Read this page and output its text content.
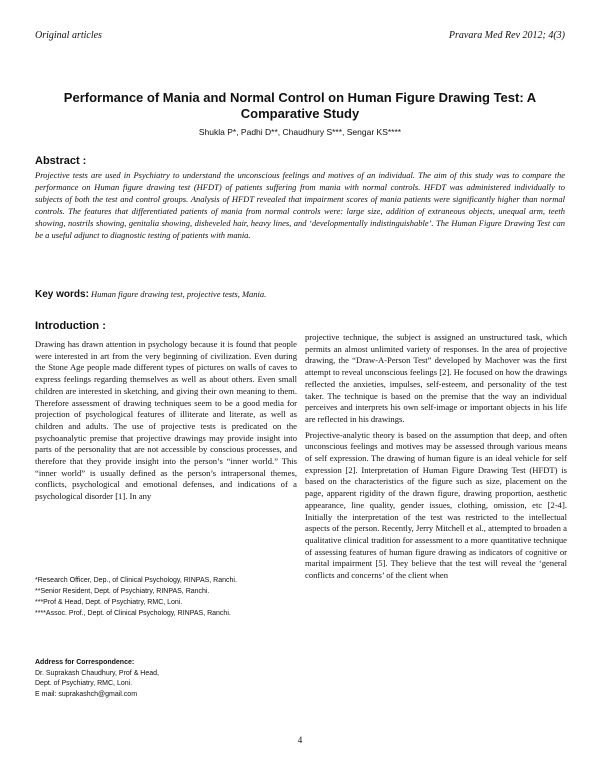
Original articles	Pravara Med Rev 2012; 4(3)
Performance of Mania and Normal Control on Human Figure Drawing Test: A Comparative Study
Shukla P*, Padhi D**, Chaudhury S***, Sengar KS****
Abstract :

Projective tests are used in Psychiatry to understand the unconscious feelings and motives of an individual. The aim of this study was to compare the performance on Human figure drawing test (HFDT) of patients suffering from mania with normal controls. HFDT was administered individually to subjects of both the test and control groups. Analysis of HFDT revealed that impairment scores of mania patients were significantly higher than normal controls. The features that differentiated patients of mania from normal controls were: large size, addition of extraneous objects, unequal arm, teeth showing, nostrils showing, genitalia showing, disheveled hair, heavy lines, and ‘developmentally indistinguishable’. The Human Figure Drawing Test can be a useful adjunct to diagnostic testing of patients with mania.

Key words: Human figure drawing test, projective tests, Mania.

Introduction :

Drawing has drawn attention in psychology because it is found that people were interested in art from the very beginning of civilization. Even during the Stone Age people made different types of pictures on walls of caves to express feelings regarding themselves as well as about others. Even small children are interested in sketching, and giving their own meaning to them. Therefore assessment of drawing techniques seem to be a good media for projection of psychological features of illiterate and literate, as well as children and adults. The use of projective tests is predicated on the psychoanalytic premise that projective drawings may provide insight into parts of the personality that are not accessible by conscious processes, and therefore that they provide insight into the person’s “inner world.” This “inner world” is usually defined as the person’s intrapersonal themes, conflicts, psychological and emotional defenses, and indications of a psychological disorder [1]. In any

projective technique, the subject is assigned an unstructured task, which permits an almost unlimited variety of responses. In the area of projective drawing, the “Draw-A-Person Test” developed by Machover was the first attempt to reveal unconscious feelings [2]. He focused on how the drawings reflected the anxieties, impulses, self-esteem, and personality of the test taker. The technique is based on the premise that the way an individual perceives and interprets his own self-image or important objects in his life are reflected in his drawings.

Projective-analytic theory is based on the assumption that deep, and often unconscious feelings and motives may be assessed through various means of self expression. The drawing of human figure is an ideal vehicle for self expression [2]. Interpretation of Human Figure Drawing Test (HFDT) is based on the characteristics of the figure such as size, placement on the page, apparent rigidity of the drawn figure, drawing proportion, aesthetic appearance, line quality, gender issues, clothing, omission, etc [2-4]. Initially the interpretation of the test was restricted to the intellectual aspects of the person. Recently, Jerry Mitchell et al., attempted to broaden a qualitative clinical tradition for assessment to a more quantitative technique of assessing features of human figure drawing as indicators of cognitive or marital impairment [5]. They believe that the test will reveal the ‘general conflicts and concerns’ of the client when

*Research Officer, Dep., of Clinical Psychology, RINPAS, Ranchi.
**Senior Resident, Dept. of Psychiatry, RINPAS, Ranchi.
***Prof & Head, Dept. of Psychiatry, RMC, Loni.
****Assoc. Prof., Dept. of Clinical Psychology, RINPAS, Ranchi.
Address for Correspondence:
Dr. Suprakash Chaudhury, Prof & Head,
Dept. of Psychiatry, RMC, Loni.
E mail: suprakashch@gmail.com
4
